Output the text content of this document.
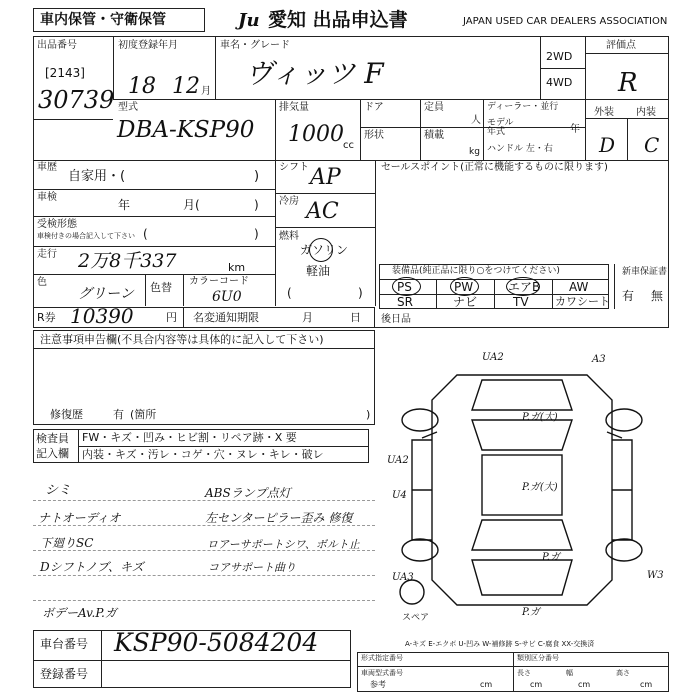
車内保管・守衛保管	Ju 愛知 出品申込書	JAPAN USED CAR DEALERS ASSOCIATION
出品番号
[2143]
30739
初度登録年月
18 12 月
車名・グレード
ヴィッツ F
2WD
4WD
評価点
R
型式
DBA-KSP90
排気量
1000 cc
ドア
形状
定員
人
積載
kg
ディーラー・並行
モデル
年式	年
ハンドル 左・右
外装 内装
D C
車歴
自家用・(	)
車検
年	月(	)
受検形態
車検付きの場合記入して下さい (	)
走行 2万8千337	km
色
グリーン 色替 カラーコード
6U0
シフト AP
冷房 AC
燃料
ガソリン
軽油
(	)
セールスポイント(正常に機能するものに限ります)
装備品(純正品に限り○をつけてください)
PS	PW	エアB AW
SR	ナビ	TV カワシート
新車保証書
有 無
R券 10390	円 名変通知期限	月	日
注意事項申告欄(不具合内容等は具体的に記入して下さい)
修復歴	有 (箇所	)
後日品
検査員
記入欄
FW・キズ・凹み・ヒビ割・リペア跡・X 要
内装・キズ・汚レ・コゲ・穴・ヌレ・キレ・破レ
シミ	ABSランプ点灯
ナトオーディオ	左センターピラー歪み 修復
下廻りSC	ロアーサポートシワ、ボルト止
Dシフトノブ、キズ	コアサポート曲り
ボデーAv.P.ガ
UA2	A3
P.ガ(大)
UA2
U4
P.ガ(大)
UA3	W3
P.ガ
P.ガ
スペア
A-キズ E-エクボ U-凹み W-補修跡 S-サビ C-腐食 XX-交換済
車台番号 KSP90-5084204
登録番号
形式指定番号
車両型式番号
参考	cm
類別区分番号
長さ	幅	高さ
cm	cm	cm
